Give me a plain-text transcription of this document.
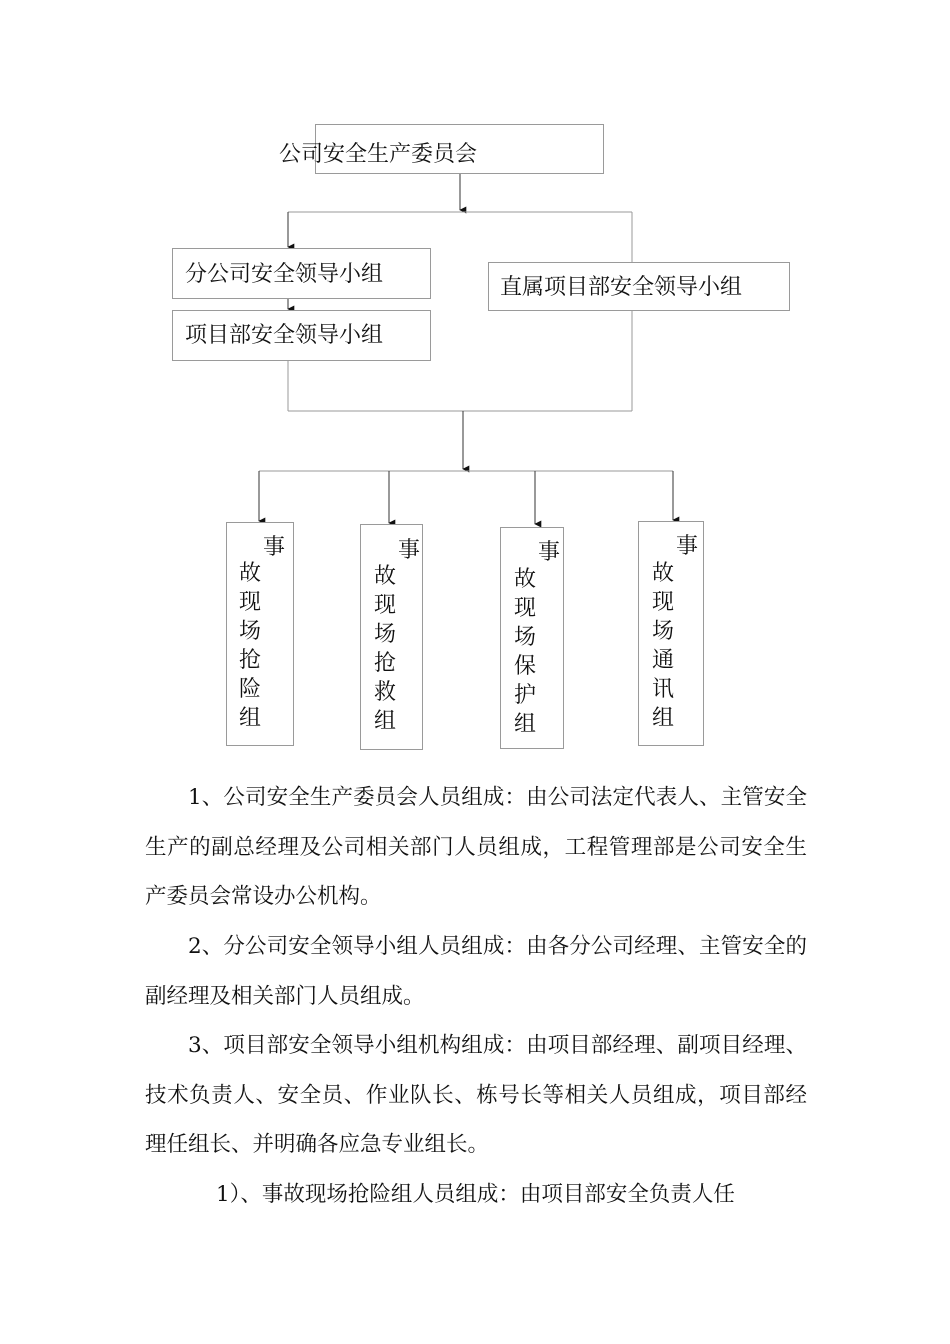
公司安全生产委员会
分公司安全领导小组
项目部安全领导小组
直属项目部安全领导小组
事
故
现
场
抢
险
组
事
故
现
场
抢
救
组
事
故
现
场
保
护
组
事
故
现
场
通
讯
组

1、公司安全生产委员会人员组成：由公司法定代表人、主管安全生产的副总经理及公司相关部门人员组成，工程管理部是公司安全生产委员会常设办公机构。

2、分公司安全领导小组人员组成：由各分公司经理、主管安全的副经理及相关部门人员组成。

3、项目部安全领导小组机构组成：由项目部经理、副项目经理、技术负责人、安全员、作业队长、栋号长等相关人员组成，项目部经理任组长、并明确各应急专业组长。

1）、事故现场抢险组人员组成：由项目部安全负责人任
